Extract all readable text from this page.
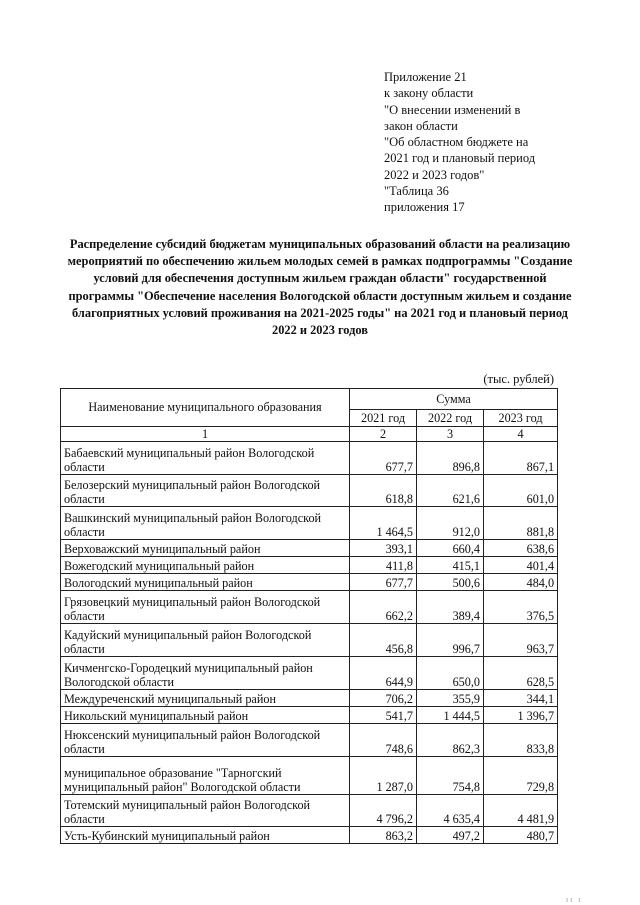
Приложение 21
к закону области
"О внесении изменений в
закон области
"Об областном бюджете на
2021 год и плановый период
2022 и 2023 годов"
"Таблица 36
приложения 17
Распределение субсидий бюджетам муниципальных образований области на реализацию мероприятий по обеспечению жильем молодых семей в рамках подпрограммы "Создание условий для обеспечения доступным жильем граждан области" государственной программы "Обеспечение населения Вологодской области доступным жильем и создание благоприятных условий проживания на 2021-2025 годы" на 2021 год и плановый период 2022 и 2023 годов
(тыс. рублей)
Наименование муниципального образования	Сумма		
	2021 год	2022 год	2023 год
1	2	3	4
Бабаевский муниципальный район Вологодской области	677,7	896,8	867,1
Белозерский муниципальный район Вологодской области	618,8	621,6	601,0
Вашкинский муниципальный район Вологодской области	1 464,5	912,0	881,8
Верховажский муниципальный район	393,1	660,4	638,6
Вожегодский муниципальный район	411,8	415,1	401,4
Вологодский муниципальный район	677,7	500,6	484,0
Грязовецкий муниципальный район Вологодской области	662,2	389,4	376,5
Кадуйский муниципальный район Вологодской области	456,8	996,7	963,7
Кичменгско-Городецкий муниципальный район Вологодской области	644,9	650,0	628,5
Междуреченский муниципальный район	706,2	355,9	344,1
Никольский муниципальный район	541,7	1 444,5	1 396,7
Нюксенский муниципальный район Вологодской области	748,6	862,3	833,8
муниципальное образование "Тарногский муниципальный район" Вологодской области	1 287,0	754,8	729,8
Тотемский муниципальный район Вологодской области	4 796,2	4 635,4	4 481,9
Усть-Кубинский муниципальный район	863,2	497,2	480,7
ιι ι
